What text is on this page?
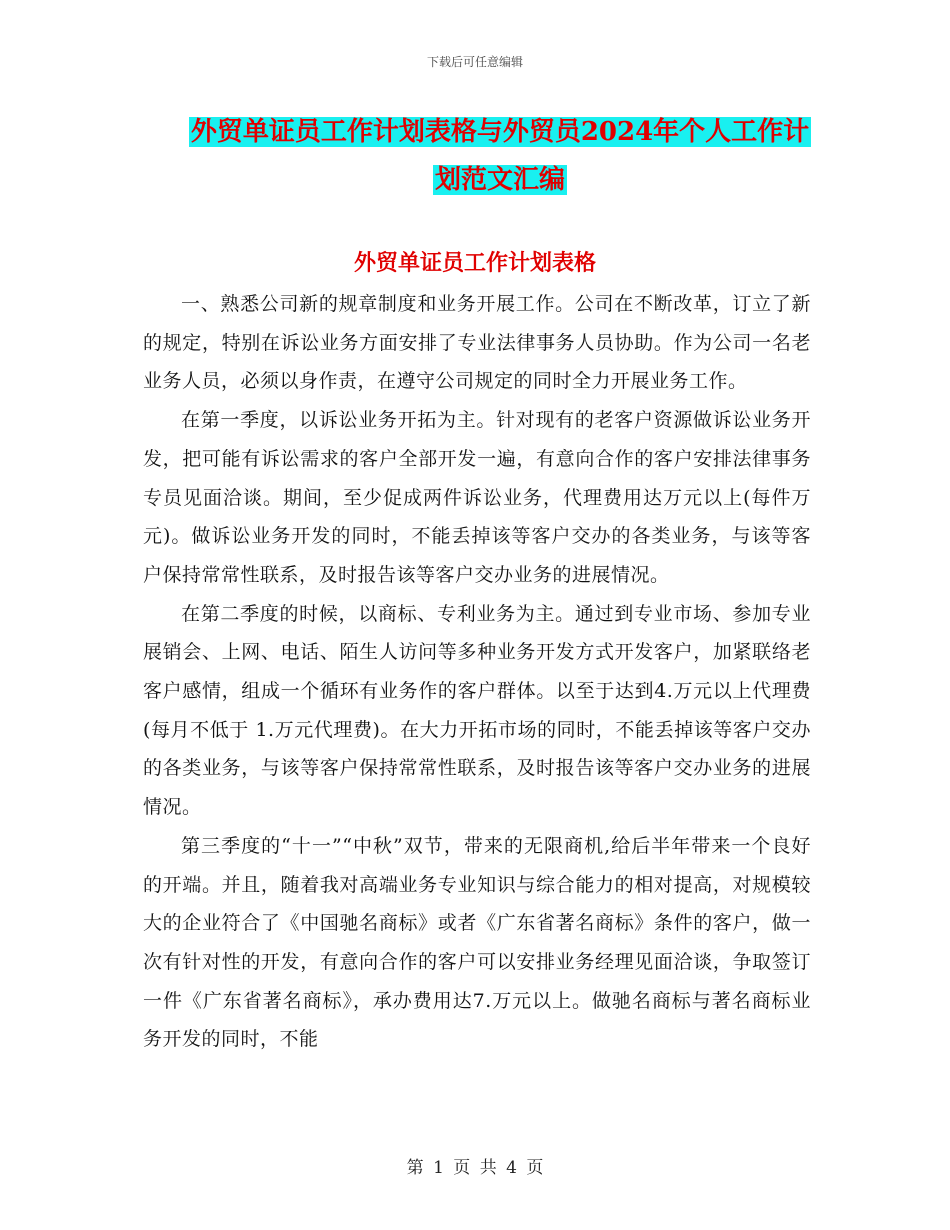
下载后可任意编辑
外贸单证员工作计划表格与外贸员2024年个人工作计
划范文汇编
外贸单证员工作计划表格

一、熟悉公司新的规章制度和业务开展工作。公司在不断改革，订立了新的规定，特别在诉讼业务方面安排了专业法律事务人员协助。作为公司一名老业务人员，必须以身作责，在遵守公司规定的同时全力开展业务工作。

在第一季度，以诉讼业务开拓为主。针对现有的老客户资源做诉讼业务开发，把可能有诉讼需求的客户全部开发一遍，有意向合作的客户安排法律事务专员见面洽谈。期间，至少促成两件诉讼业务，代理费用达万元以上(每件万元)。做诉讼业务开发的同时，不能丢掉该等客户交办的各类业务，与该等客户保持常常性联系，及时报告该等客户交办业务的进展情况。

在第二季度的时候，以商标、专利业务为主。通过到专业市场、参加专业展销会、上网、电话、陌生人访问等多种业务开发方式开发客户，加紧联络老客户感情，组成一个循环有业务作的客户群体。以至于达到4.万元以上代理费(每月不低于 1.万元代理费)。在大力开拓市场的同时，不能丢掉该等客户交办的各类业务，与该等客户保持常常性联系，及时报告该等客户交办业务的进展情况。

第三季度的“十一”“中秋”双节，带来的无限商机,给后半年带来一个良好的开端。并且，随着我对高端业务专业知识与综合能力的相对提高，对规模较大的企业符合了《中国驰名商标》或者《广东省著名商标》条件的客户，做一次有针对性的开发，有意向合作的客户可以安排业务经理见面洽谈，争取签订一件《广东省著名商标》，承办费用达7.万元以上。做驰名商标与著名商标业务开发的同时，不能

第 1 页 共 4 页
